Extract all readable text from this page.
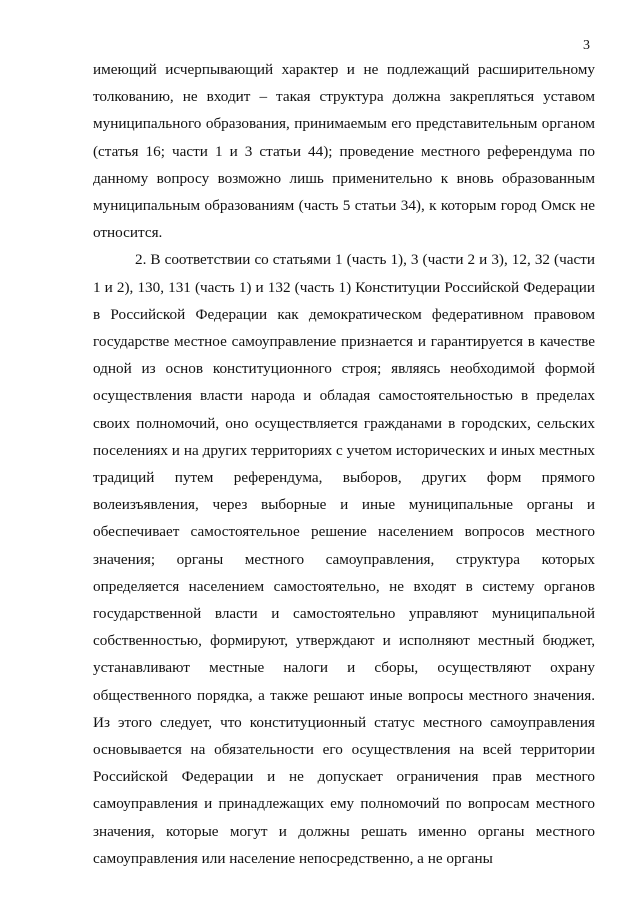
3

имеющий исчерпывающий характер и не подлежащий расширительному толкованию, не входит – такая структура должна закрепляться уставом муниципального образования, принимаемым его представительным органом (статья 16; части 1 и 3 статьи 44); проведение местного референдума по данному вопросу возможно лишь применительно к вновь образованным муниципальным образованиям (часть 5 статьи 34), к которым город Омск не относится.

2. В соответствии со статьями 1 (часть 1), 3 (части 2 и 3), 12, 32 (части 1 и 2), 130, 131 (часть 1) и 132 (часть 1) Конституции Российской Федерации в Российской Федерации как демократическом федеративном правовом государстве местное самоуправление признается и гарантируется в качестве одной из основ конституционного строя; являясь необходимой формой осуществления власти народа и обладая самостоятельностью в пределах своих полномочий, оно осуществляется гражданами в городских, сельских поселениях и на других территориях с учетом исторических и иных местных традиций путем референдума, выборов, других форм прямого волеизъявления, через выборные и иные муниципальные органы и обеспечивает самостоятельное решение населением вопросов местного значения; органы местного самоуправления, структура которых определяется населением самостоятельно, не входят в систему органов государственной власти и самостоятельно управляют муниципальной собственностью, формируют, утверждают и исполняют местный бюджет, устанавливают местные налоги и сборы, осуществляют охрану общественного порядка, а также решают иные вопросы местного значения. Из этого следует, что конституционный статус местного самоуправления основывается на обязательности его осуществления на всей территории Российской Федерации и не допускает ограничения прав местного самоуправления и принадлежащих ему полномочий по вопросам местного значения, которые могут и должны решать именно органы местного самоуправления или население непосредственно, а не органы
